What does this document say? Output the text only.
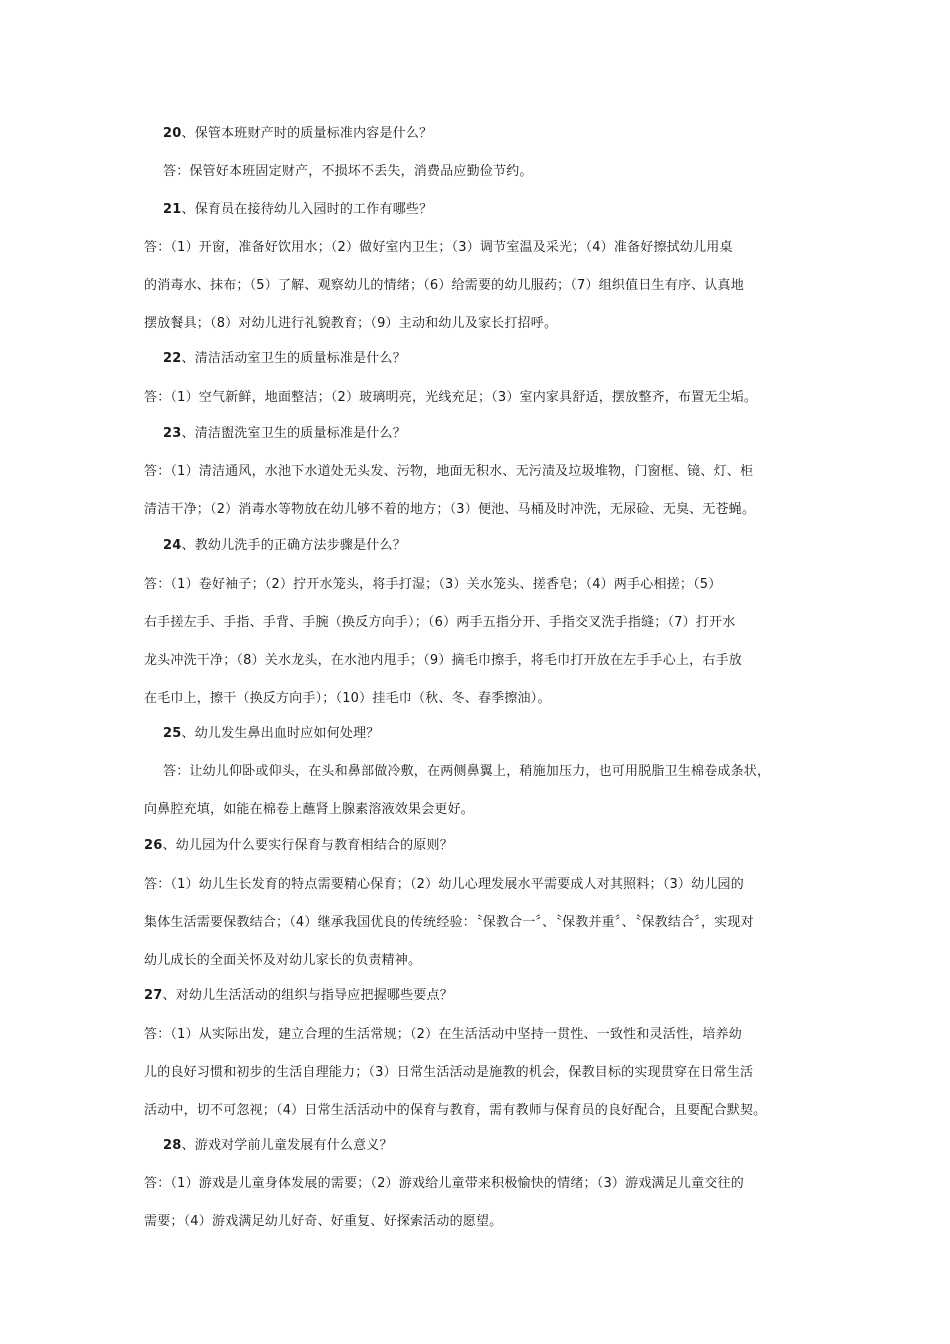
20、保管本班财产时的质量标准内容是什么？
答：保管好本班固定财产，不损坏不丢失，消费品应勤俭节约。
21、保育员在接待幼儿入园时的工作有哪些？
答：（1）开窗，准备好饮用水；（2）做好室内卫生；（3）调节室温及采光；（4）准备好擦拭幼儿用桌
的消毒水、抹布；（5）了解、观察幼儿的情绪；（6）给需要的幼儿服药；（7）组织值日生有序、认真地
摆放餐具；（8）对幼儿进行礼貌教育；（9）主动和幼儿及家长打招呼。
22、清洁活动室卫生的质量标准是什么？
答：（1）空气新鲜，地面整洁；（2）玻璃明亮，光线充足；（3）室内家具舒适，摆放整齐，布置无尘垢。
23、清洁盥洗室卫生的质量标准是什么？
答：（1）清洁通风，水池下水道处无头发、污物，地面无积水、无污渍及垃圾堆物，门窗框、镜、灯、柜
清洁干净；（2）消毒水等物放在幼儿够不着的地方；（3）便池、马桶及时冲洗，无尿硷、无臭、无苍蝇。
24、教幼儿洗手的正确方法步骤是什么？
答：（1）卷好袖子；（2）拧开水笼头，将手打湿；（3）关水笼头、搓香皂；（4）两手心相搓；（5）
右手搓左手、手指、手背、手腕（换反方向手）；（6）两手五指分开、手指交叉洗手指缝；（7）打开水
龙头冲洗干净；（8）关水龙头，在水池内甩手；（9）摘毛巾擦手，将毛巾打开放在左手手心上，右手放
在毛巾上，擦干（换反方向手）；（10）挂毛巾（秋、冬、春季擦油）。
25、幼儿发生鼻出血时应如何处理？
答：让幼儿仰卧或仰头，在头和鼻部做冷敷，在两侧鼻翼上，稍施加压力，也可用脱脂卫生棉卷成条状，
向鼻腔充填，如能在棉卷上蘸肾上腺素溶液效果会更好。
26、幼儿园为什么要实行保育与教育相结合的原则？
答：（1）幼儿生长发育的特点需要精心保育；（2）幼儿心理发展水平需要成人对其照料；（3）幼儿园的
集体生活需要保教结合；（4）继承我国优良的传统经验：〝保教合一〞、〝保教并重〞、〝保教结合〞，实现对
幼儿成长的全面关怀及对幼儿家长的负责精神。
27、对幼儿生活活动的组织与指导应把握哪些要点？
答：（1）从实际出发，建立合理的生活常规；（2）在生活活动中坚持一贯性、一致性和灵活性，培养幼
儿的良好习惯和初步的生活自理能力；（3）日常生活活动是施教的机会，保教目标的实现贯穿在日常生活
活动中，切不可忽视；（4）日常生活活动中的保育与教育，需有教师与保育员的良好配合，且要配合默契。
28、游戏对学前儿童发展有什么意义？
答：（1）游戏是儿童身体发展的需要；（2）游戏给儿童带来积极愉快的情绪；（3）游戏满足儿童交往的
需要；（4）游戏满足幼儿好奇、好重复、好探索活动的愿望。
